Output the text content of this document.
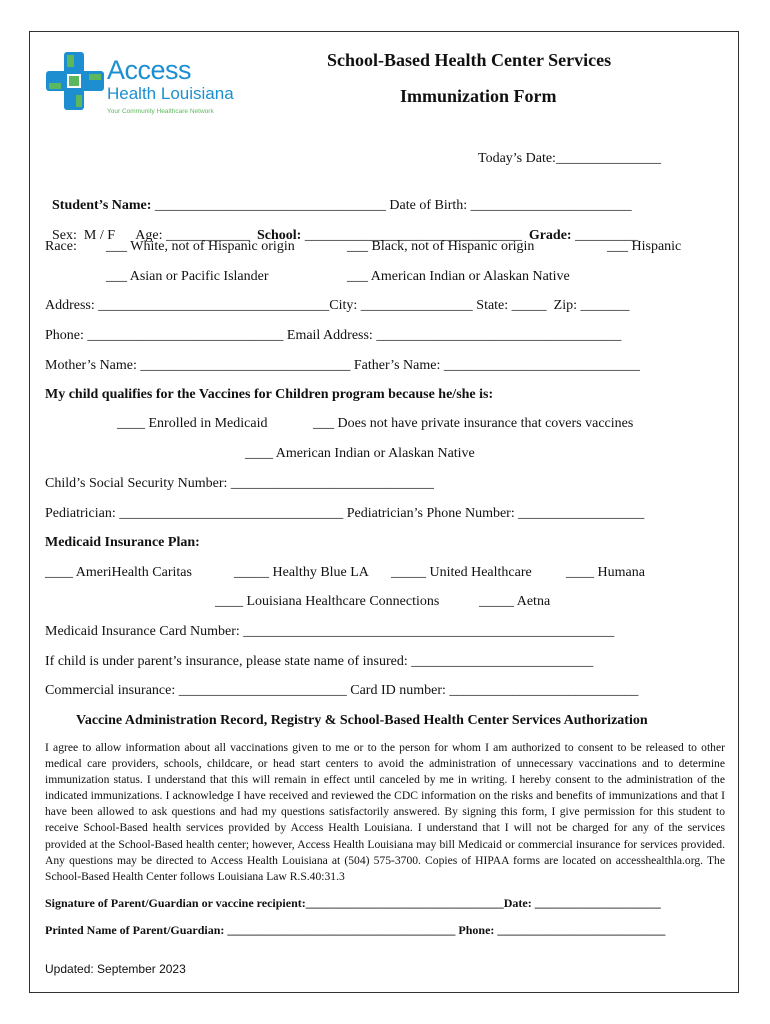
Access
Health Louisiana
Your Community Healthcare Network
School-Based Health Center Services
Immunization Form
Today’s Date:_______________

Student’s Name: _________________________________ Date of Birth: _______________________

Sex:  M / F      Age: ____________ School: _______________________________ Grade: _________

Race: ___ White, not of Hispanic origin	___ Black, not of Hispanic origin	___ Hispanic
___ Asian or Pacific Islander	___ American Indian or Alaskan Native
Address: _________________________________City: ________________ State: _____  Zip: _______
Phone: ____________________________ Email Address: ___________________________________
Mother’s Name: ______________________________ Father’s Name: ____________________________
My child qualifies for the Vaccines for Children program because he/she is:
____ Enrolled in Medicaid	___ Does not have private insurance that covers vaccines
____ American Indian or Alaskan Native
Child’s Social Security Number: _____________________________
Pediatrician: ________________________________ Pediatrician’s Phone Number: __________________
Medicaid Insurance Plan:
____ AmeriHealth Caritas	_____ Healthy Blue LA _____ United Healthcare ____ Humana
____ Louisiana Healthcare Connections	_____ Aetna
Medicaid Insurance Card Number: _____________________________________________________
If child is under parent’s insurance, please state name of insured: __________________________
Commercial insurance: ________________________ Card ID number: ___________________________
Vaccine Administration Record, Registry & School-Based Health Center Services Authorization
I agree to allow information about all vaccinations given to me or to the person for whom I am authorized to consent to be released to other medical care providers, schools, childcare, or head start centers to avoid the administration of unnecessary vaccinations and to determine immunization status. I understand that this will remain in effect until canceled by me in writing. I hereby consent to the administration of the indicated immunizations. I acknowledge I have received and reviewed the CDC information on the risks and benefits of immunizations and that I have been allowed to ask questions and had my questions satisfactorily answered. By signing this form, I give permission for this student to receive School-Based health services provided by Access Health Louisiana. I understand that I will not be charged for any of the services provided at the School-Based health center; however, Access Health Louisiana may bill Medicaid or commercial insurance for services provided. Any questions may be directed to Access Health Louisiana at (504) 575-3700. Copies of HIPAA forms are located on accesshealthla.org. The School-Based Health Center follows Louisiana Law R.S.40:31.3
Signature of Parent/Guardian or vaccine recipient:_________________________________Date: _____________________
Printed Name of Parent/Guardian: ______________________________________ Phone: ____________________________
Updated: September 2023
